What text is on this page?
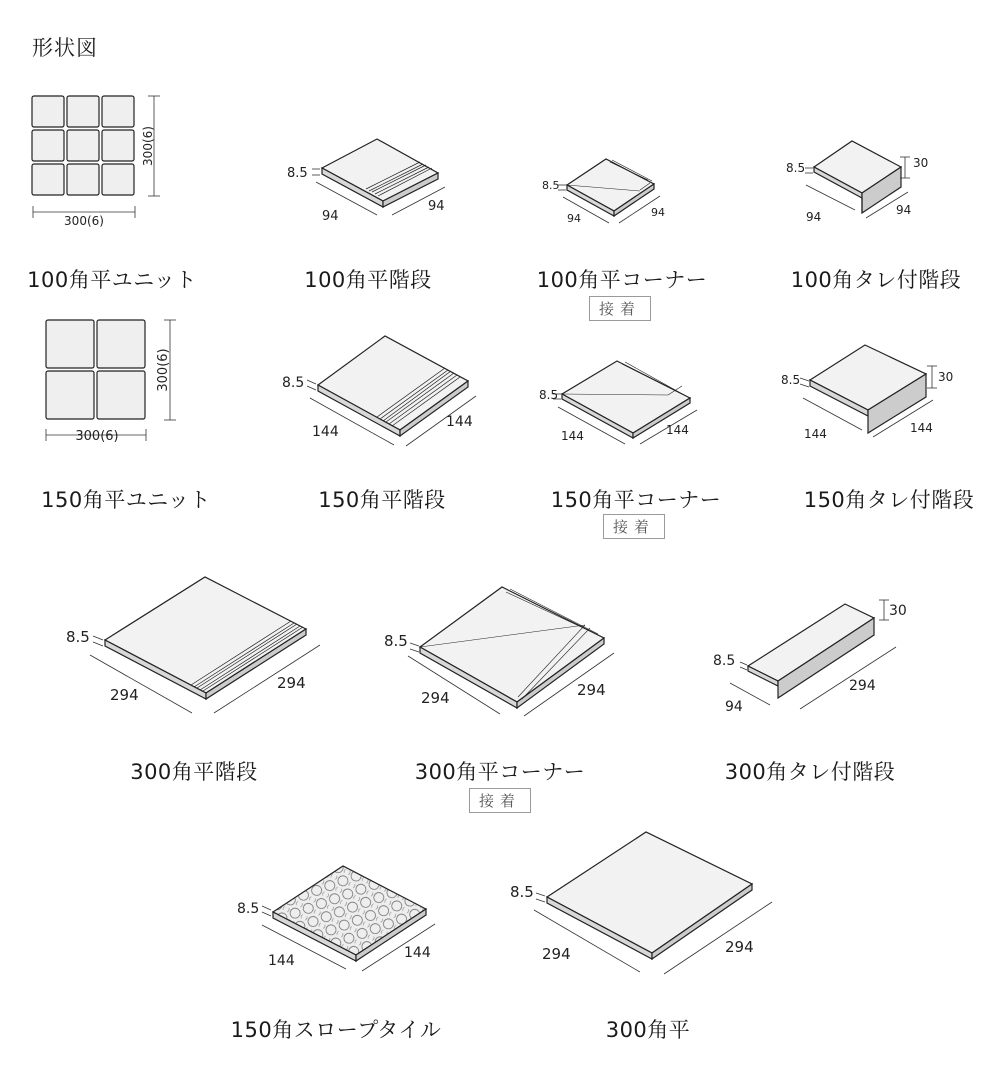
形状図
300(6)
300(6)
300(6)
300(6)
8.5
94
94
8.5
94	94
8.5	30
94	94
8.5
144
144
8.5
144	144
8.5	30
144	144
8.5
294
294
8.5
294	294
8.5
30
94
294
8.5
144	144
8.5
294	294
100角平ユニット	100角平階段	100角平コーナー
接着
100角タレ付階段
150角平ユニット	150角平階段	150角平コーナー
接着
150角タレ付階段
300角平階段	300角平コーナー
接着
300角タレ付階段
150角スロープタイル	300角平
